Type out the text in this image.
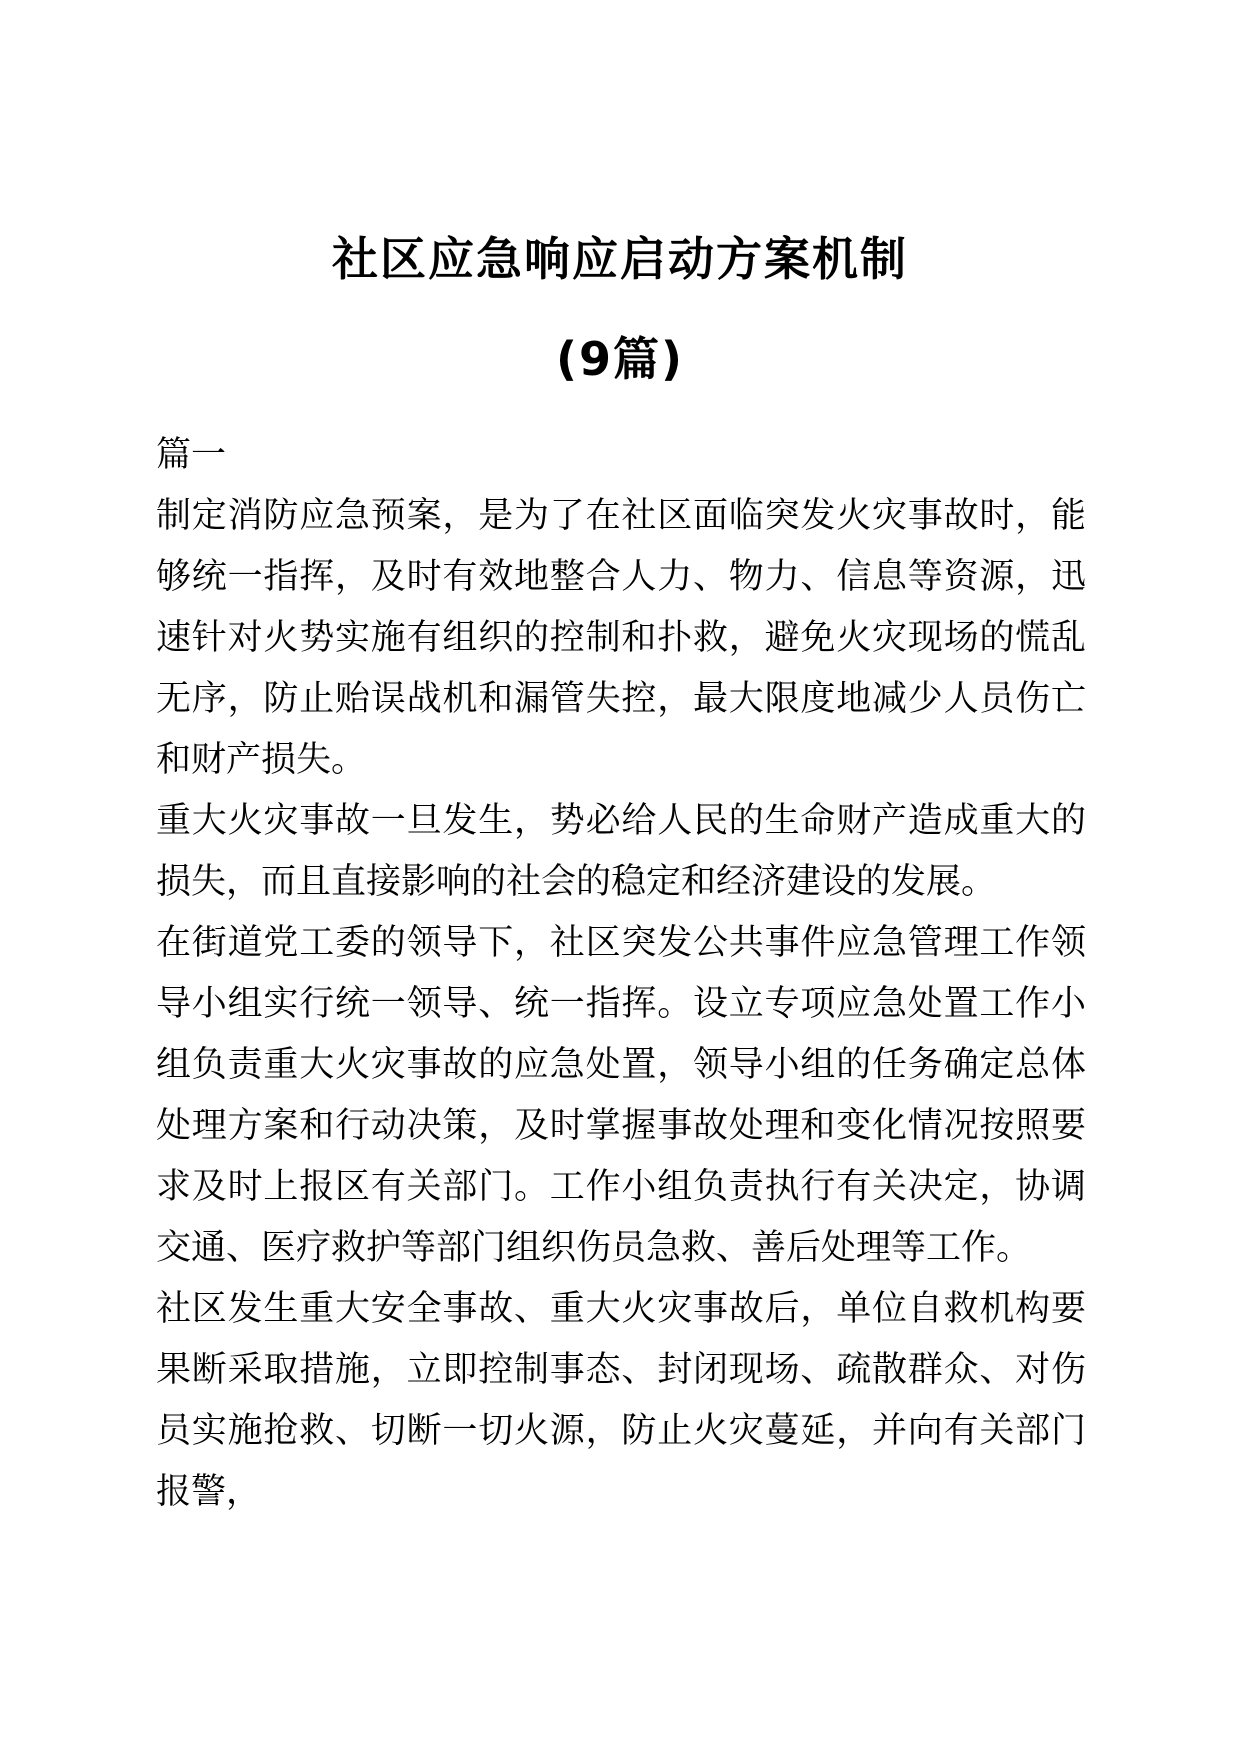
社区应急响应启动方案机制
(9篇)
篇一

制定消防应急预案，是为了在社区面临突发火灾事故时，能够统一指挥，及时有效地整合人力、物力、信息等资源，迅速针对火势实施有组织的控制和扑救，避免火灾现场的慌乱无序，防止贻误战机和漏管失控，最大限度地减少人员伤亡和财产损失。

重大火灾事故一旦发生，势必给人民的生命财产造成重大的损失，而且直接影响的社会的稳定和经济建设的发展。

在街道党工委的领导下，社区突发公共事件应急管理工作领导小组实行统一领导、统一指挥。设立专项应急处置工作小组负责重大火灾事故的应急处置，领导小组的任务确定总体处理方案和行动决策，及时掌握事故处理和变化情况按照要求及时上报区有关部门。工作小组负责执行有关决定，协调交通、医疗救护等部门组织伤员急救、善后处理等工作。

社区发生重大安全事故、重大火灾事故后，单位自救机构要果断采取措施，立即控制事态、封闭现场、疏散群众、对伤员实施抢救、切断一切火源，防止火灾蔓延，并向有关部门报警，
